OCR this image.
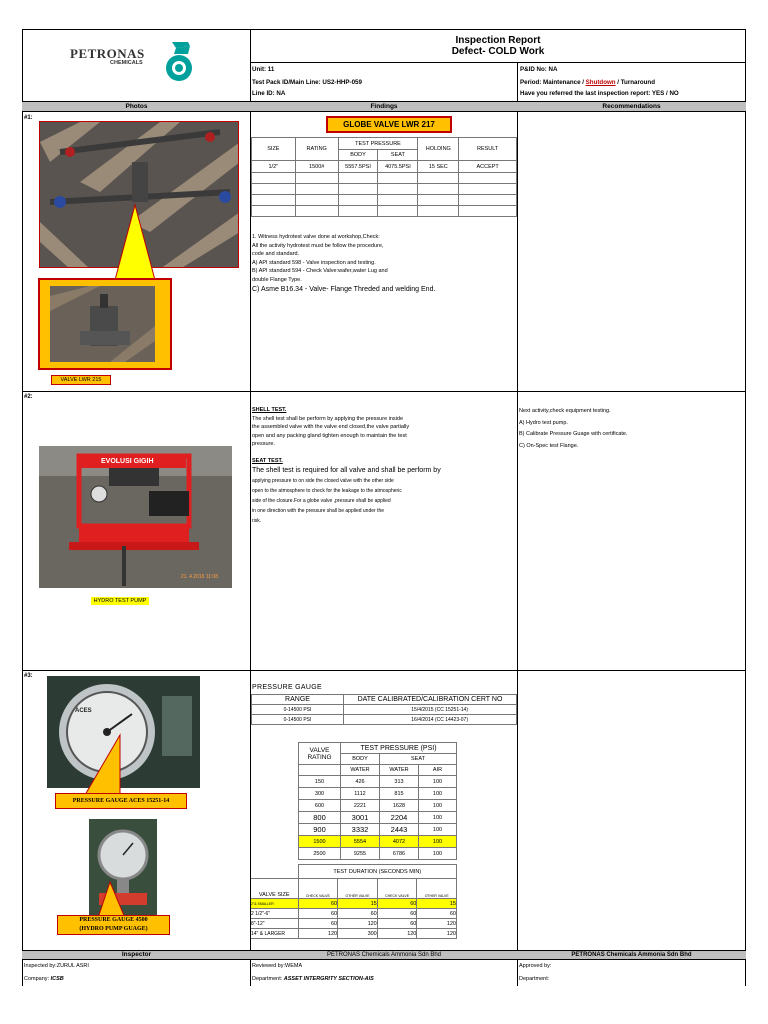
PETRONAS
CHEMICALS
Inspection Report
Defect- COLD Work
Unit: 11
Test Pack ID/Main Line: US2-HHP-059
Line ID: NA
P&ID No: NA
Period: Maintenance / Shutdown / Turnaround
Have you referred the last inspection report: YES / NO
Photos	Findings	Recommendations
#1:
VALVE LWR 215
GLOBE VALVE LWR 217
SIZE	RATING	TEST PRESSURE		HOLDING	RESULT
		BODY	SEAT		
1/2''	1500#	5557.5PSI	4075.5PSI	15 SEC	ACCEPT

1. Witness hydrotest valve done at workshop,Check:
All the activity hydrotest must be follow the procedure,
code and standard.
A) API standard 598 - Valve inspection and testing.
B) API standard 594 - Check Valve:wafer,water Lug and
double Flange Type.
C) Asme B16.34 - Valve- Flange Threded and welding End.
#2:
EVOLUSI GIGIH
21. 4.2016 11:08
HYDRO TEST PUMP
SHELL TEST.
The shell test shall be perform by applying the pressure inside
the assembled valve with the valve end closed,the valve partially
open and any packing gland tighten enough to maintain the test
pressure.
SEAT TEST.
The shell test is required for all valve and shall be perform by
applying pressure to on side the closed valve with the other side
open to the atmosphere to check for the leakage to the atmospheric
side of the closure.For a globe valve ,pressure shall be applied
in one direction with the pressure shall be applied under the
risk.
Next activity,check equipment testing.
A) Hydro test pump.
B) Calibrate Pressure Guage with certificate.
C) On-Spec test Flange.
#3:
ACES
PRESSURE GAUGE ACES 15251-14
PRESSURE GAUGE 4500
(HYDRO PUMP GUAGE)
PRESSURE GAUGE
RANGE	DATE CALIBRATED/CALIBRATION CERT NO
0-14500 PSI	15/4/2015 (CC 15251-14)
0-14500 PSI	16/4/2014 (CC 14423-07)
VALVE
RATING	TEST PRESSURE (PSI)		
	BODY	SEAT	
	WATER	WATER	AIR
150	426	313	100
300	1112	815	100
600	2221	1628	100
800	3001	2204	100
900	3332	2443	100
1500	5554	4072	100
2500	9255	6786	100
	TEST DURATION (SECONDS MIN)			
VALVE SIZE	CHECK VALVE	OTHER VALVE	CHECK VALVE	OTHER VALVE
2"& SMALLER	60	15	60	15
2 1/2"-6"	60	60	60	60
8"-12"	60	120	60	120
14" & LARGER	120	300	120	120
Inspector	PETRONAS Chemicals Ammonia Sdn Bhd	PETRONAS Chemicals Ammonia Sdn Bhd
Inspected by:ZURUL ASRI
Company: ICSB
Reviewed by:WEMA
Department: ASSET INTERGRITY SECTION-AIS
Approved by:
Department:
